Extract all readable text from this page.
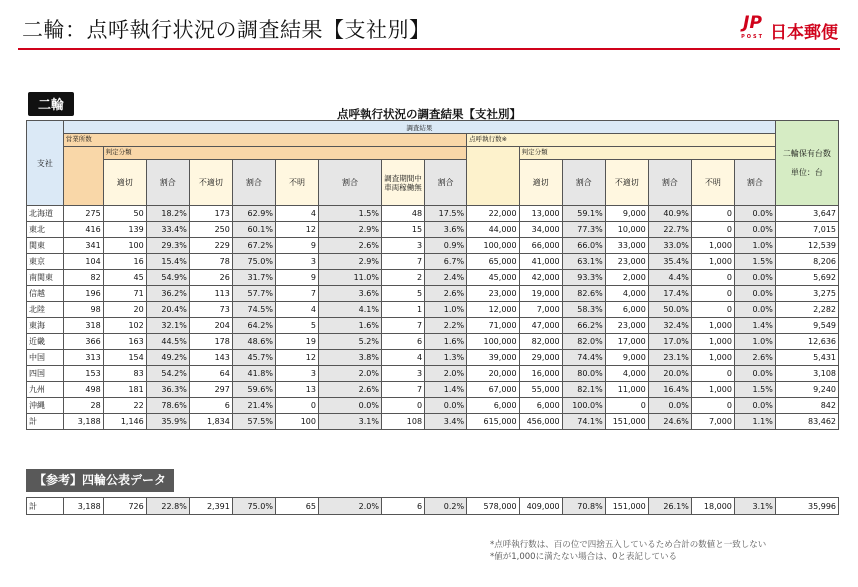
二輪：点呼執行状況の調査結果【支社別】	JP
POST 日本郵便
二輪
点呼執行状況の調査結果【支社別】
支社	調査結果																二輪保有台数
単位：台

	営業所数									点呼執行数※							
		判定分類									判定分類						
		適切	割合	不適切	割合	不明	割合	調査期間中車両稼働無	割合		適切	割合	不適切	割合	不明	割合	
北海道	275	50	18.2%	173	62.9%	4	1.5%	48	17.5%	22,000	13,000	59.1%	9,000	40.9%	0	0.0%	3,647
東北	416	139	33.4%	250	60.1%	12	2.9%	15	3.6%	44,000	34,000	77.3%	10,000	22.7%	0	0.0%	7,015
関東	341	100	29.3%	229	67.2%	9	2.6%	3	0.9%	100,000	66,000	66.0%	33,000	33.0%	1,000	1.0%	12,539
東京	104	16	15.4%	78	75.0%	3	2.9%	7	6.7%	65,000	41,000	63.1%	23,000	35.4%	1,000	1.5%	8,206
南関東	82	45	54.9%	26	31.7%	9	11.0%	2	2.4%	45,000	42,000	93.3%	2,000	4.4%	0	0.0%	5,692
信越	196	71	36.2%	113	57.7%	7	3.6%	5	2.6%	23,000	19,000	82.6%	4,000	17.4%	0	0.0%	3,275
北陸	98	20	20.4%	73	74.5%	4	4.1%	1	1.0%	12,000	7,000	58.3%	6,000	50.0%	0	0.0%	2,282
東海	318	102	32.1%	204	64.2%	5	1.6%	7	2.2%	71,000	47,000	66.2%	23,000	32.4%	1,000	1.4%	9,549
近畿	366	163	44.5%	178	48.6%	19	5.2%	6	1.6%	100,000	82,000	82.0%	17,000	17.0%	1,000	1.0%	12,636
中国	313	154	49.2%	143	45.7%	12	3.8%	4	1.3%	39,000	29,000	74.4%	9,000	23.1%	1,000	2.6%	5,431
四国	153	83	54.2%	64	41.8%	3	2.0%	3	2.0%	20,000	16,000	80.0%	4,000	20.0%	0	0.0%	3,108
九州	498	181	36.3%	297	59.6%	13	2.6%	7	1.4%	67,000	55,000	82.1%	11,000	16.4%	1,000	1.5%	9,240
沖縄	28	22	78.6%	6	21.4%	0	0.0%	0	0.0%	6,000	6,000	100.0%	0	0.0%	0	0.0%	842
計	3,188	1,146	35.9%	1,834	57.5%	100	3.1%	108	3.4%	615,000	456,000	74.1%	151,000	24.6%	7,000	1.1%	83,462
【参考】四輪公表データ
計	3,188	726	22.8%	2,391	75.0%	65	2.0%	6	0.2%	578,000	409,000	70.8%	151,000	26.1%	18,000	3.1%	35,996
*点呼執行数は、百の位で四捨五入しているため合計の数値と一致しない
*値が1,000に満たない場合は、0と表記している
